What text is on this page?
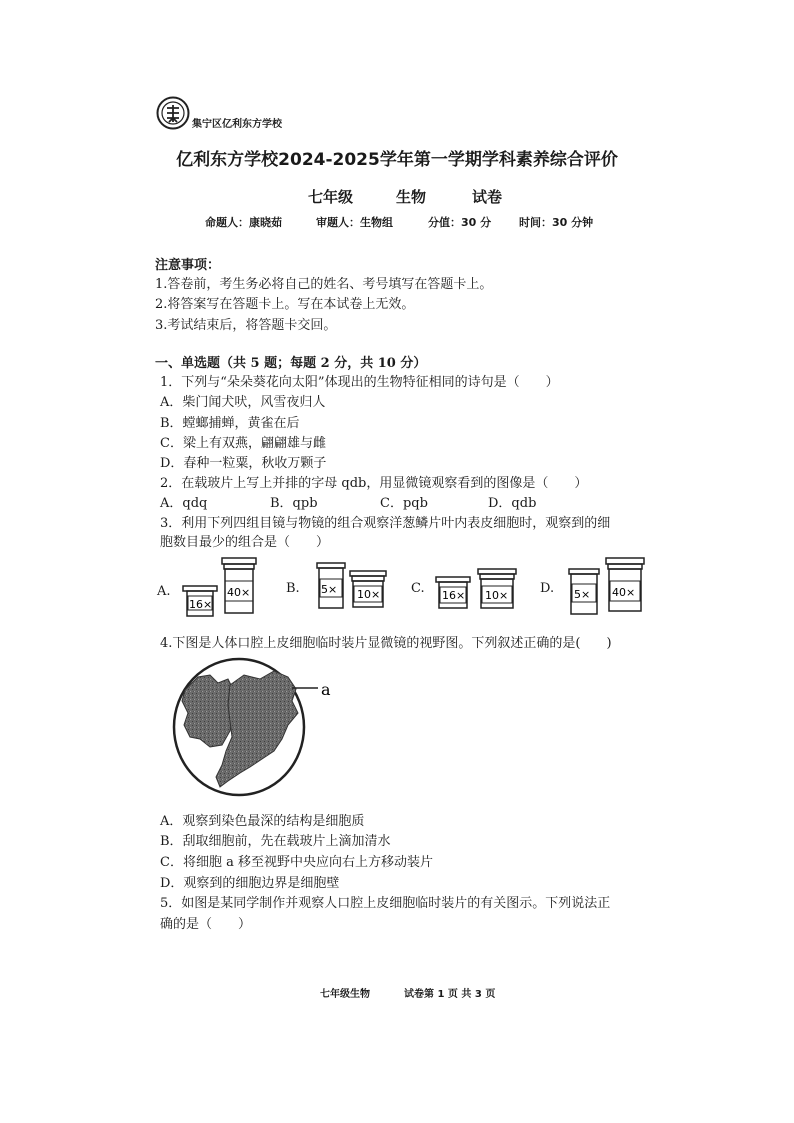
集宁区亿利东方学校
亿利东方学校2024-2025学年第一学期学科素养综合评价
七年级	生物	试卷
命题人：康晓茹	审题人：生物组	分值：30 分	时间：30 分钟
注意事项：
1.答卷前，考生务必将自己的姓名、考号填写在答题卡上。
2.将答案写在答题卡上。写在本试卷上无效。
3.考试结束后，将答题卡交回。
一、单选题（共 5 题；每题 2 分，共 10 分）
1．下列与“朵朵葵花向太阳”体现出的生物特征相同的诗句是（　　）
A．柴门闻犬吠，风雪夜归人
B．螳螂捕蝉，黄雀在后
C．梁上有双燕，翩翩雄与雌
D．春种一粒粟，秋收万颗子
2．在载玻片上写上并排的字母 qdb，用显微镜观察看到的图像是（　　）
A．qdq	B．qpb	C．pqb	D．qdb
3．利用下列四组目镜与物镜的组合观察洋葱鳞片叶内表皮细胞时，观察到的细
胞数目最少的组合是（　　）
A.
16×
40×	B. 5× 10× C. 16× 10× D. 5× 40×
4.下图是人体口腔上皮细胞临时装片显微镜的视野图。下列叙述正确的是(　　)
a
A．观察到染色最深的结构是细胞质
B．刮取细胞前，先在载玻片上滴加清水
C．将细胞 a 移至视野中央应向右上方移动装片
D．观察到的细胞边界是细胞壁
5．如图是某同学制作并观察人口腔上皮细胞临时装片的有关图示。下列说法正
确的是（　　）
七年级生物	试卷第 1 页 共 3 页
